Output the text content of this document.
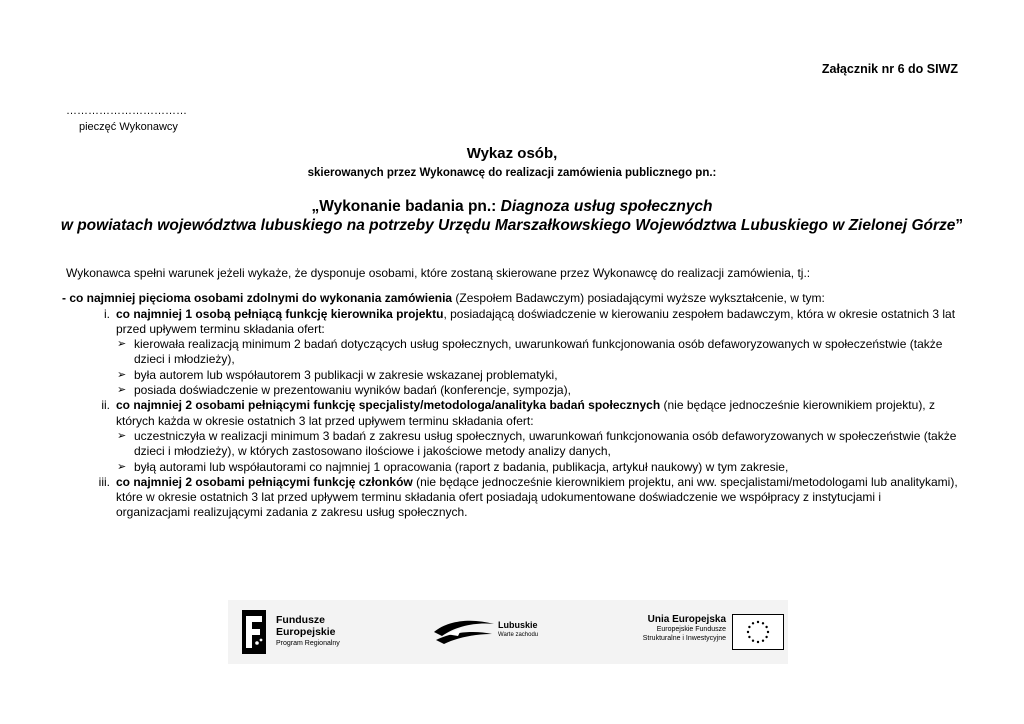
Załącznik nr 6 do SIWZ
……………………………
pieczęć Wykonawcy
Wykaz osób,
skierowanych przez Wykonawcę do realizacji zamówienia publicznego pn.:
„Wykonanie badania pn.: Diagnoza usług społecznych
w powiatach województwa lubuskiego na potrzeby Urzędu Marszałkowskiego Województwa Lubuskiego w Zielonej Górze”

Wykonawca spełni warunek jeżeli wykaże, że dysponuje osobami, które zostaną skierowane przez Wykonawcę do realizacji zamówienia, tj.:

- co najmniej pięcioma osobami zdolnymi do wykonania zamówienia (Zespołem Badawczym) posiadającymi wyższe wykształcenie, w tym:

i. co najmniej 1 osobą pełniącą funkcję kierownika projektu, posiadającą doświadczenie w kierowaniu zespołem badawczym, która w okresie ostatnich 3 lat przed upływem terminu składania ofert:
➢ kierowała realizacją minimum 2 badań dotyczących usług społecznych, uwarunkowań funkcjonowania osób defaworyzowanych w społeczeństwie (także dzieci i młodzieży),
➢ była autorem lub współautorem 3 publikacji w zakresie wskazanej problematyki,
➢ posiada doświadczenie w prezentowaniu wyników badań (konferencje, sympozja),
ii. co najmniej 2 osobami pełniącymi funkcję specjalisty/metodologa/analityka badań społecznych (nie będące jednocześnie kierownikiem projektu), z których każda w okresie ostatnich 3 lat przed upływem terminu składania ofert:
➢ uczestniczyła w realizacji minimum 3 badań z zakresu usług społecznych, uwarunkowań funkcjonowania osób defaworyzowanych w społeczeństwie (także dzieci i młodzieży), w których zastosowano ilościowe i jakościowe metody analizy danych,
➢ byłą autorami lub współautorami co najmniej 1 opracowania (raport z badania, publikacja, artykuł naukowy) w tym zakresie,
iii. co najmniej 2 osobami pełniącymi funkcję członków (nie będące jednocześnie kierownikiem projektu, ani ww. specjalistami/metodologami lub analitykami), które w okresie ostatnich 3 lat przed upływem terminu składania ofert posiadają udokumentowane doświadczenie we współpracy z instytucjami i organizacjami realizującymi zadania z zakresu usług społecznych.
Fundusze
Europejskie
Program Regionalny
Lubuskie
Warte zachodu
Unia Europejska
Europejskie Fundusze
Strukturalne i Inwestycyjne
